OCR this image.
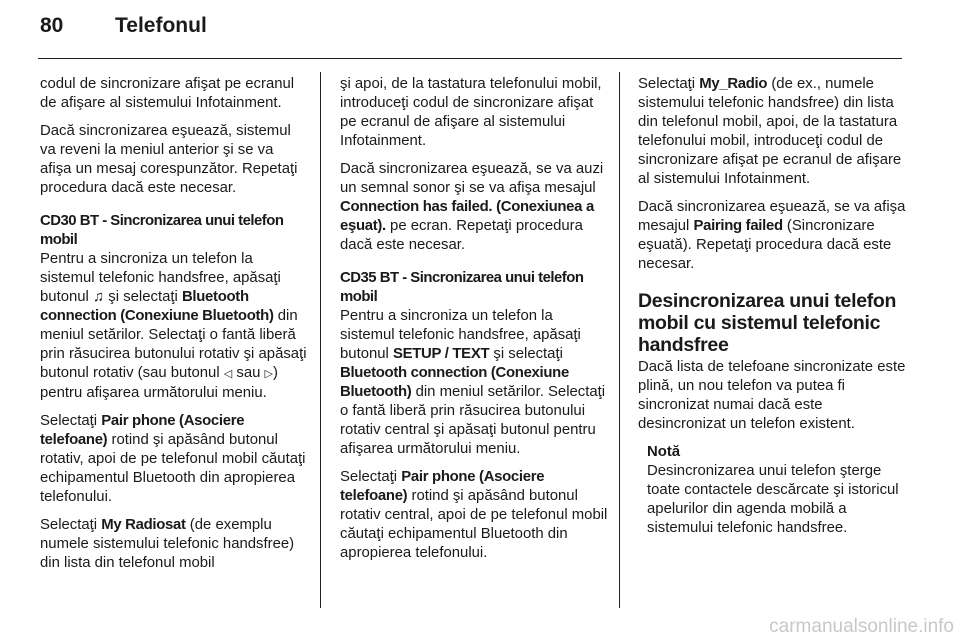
80	Telefonul

codul de sincronizare afişat pe ecranul de afişare al sistemului Infotainment.

Dacă sincronizarea eşuează, sistemul va reveni la meniul anterior şi se va afişa un mesaj corespunzător. Repetaţi procedura dacă este necesar.

CD30 BT - Sincronizarea unui telefon mobil

Pentru a sincroniza un telefon la sistemul telefonic handsfree, apăsaţi butonul ♫ şi selectaţi Bluetooth connection (Conexiune Bluetooth) din meniul setărilor. Selectaţi o fantă liberă prin răsucirea butonului rotativ şi apăsaţi butonul rotativ (sau butonul ◁ sau ▷) pentru afişarea următorului meniu.

Selectaţi Pair phone (Asociere telefoane) rotind şi apăsând butonul rotativ, apoi de pe telefonul mobil căutaţi echipamentul Bluetooth din apropierea telefonului.

Selectaţi My Radiosat (de exemplu numele sistemului telefonic handsfree) din lista din telefonul mobil

şi apoi, de la tastatura telefonului mobil, introduceţi codul de sincronizare afişat pe ecranul de afişare al sistemului Infotainment.

Dacă sincronizarea eşuează, se va auzi un semnal sonor şi se va afişa mesajul Connection has failed. (Conexiunea a eşuat). pe ecran. Repetaţi procedura dacă este necesar.

CD35 BT - Sincronizarea unui telefon mobil

Pentru a sincroniza un telefon la sistemul telefonic handsfree, apăsaţi butonul SETUP / TEXT şi selectaţi Bluetooth connection (Conexiune Bluetooth) din meniul setărilor. Selectaţi o fantă liberă prin răsucirea butonului rotativ central şi apăsaţi butonul pentru afişarea următorului meniu.

Selectaţi Pair phone (Asociere telefoane) rotind şi apăsând butonul rotativ central, apoi de pe telefonul mobil căutaţi echipamentul Bluetooth din apropierea telefonului.

Selectaţi My_Radio (de ex., numele sistemului telefonic handsfree) din lista din telefonul mobil, apoi, de la tastatura telefonului mobil, introduceţi codul de sincronizare afişat pe ecranul de afişare al sistemului Infotainment.

Dacă sincronizarea eşuează, se va afişa mesajul Pairing failed (Sincronizare eşuată). Repetaţi procedura dacă este necesar.

Desincronizarea unui telefon mobil cu sistemul telefonic handsfree

Dacă lista de telefoane sincronizate este plină, un nou telefon va putea fi sincronizat numai dacă este desincronizat un telefon existent.

Notă

Desincronizarea unui telefon şterge toate contactele descărcate şi istoricul apelurilor din agenda mobilă a sistemului telefonic handsfree.

carmanualsonline.info
